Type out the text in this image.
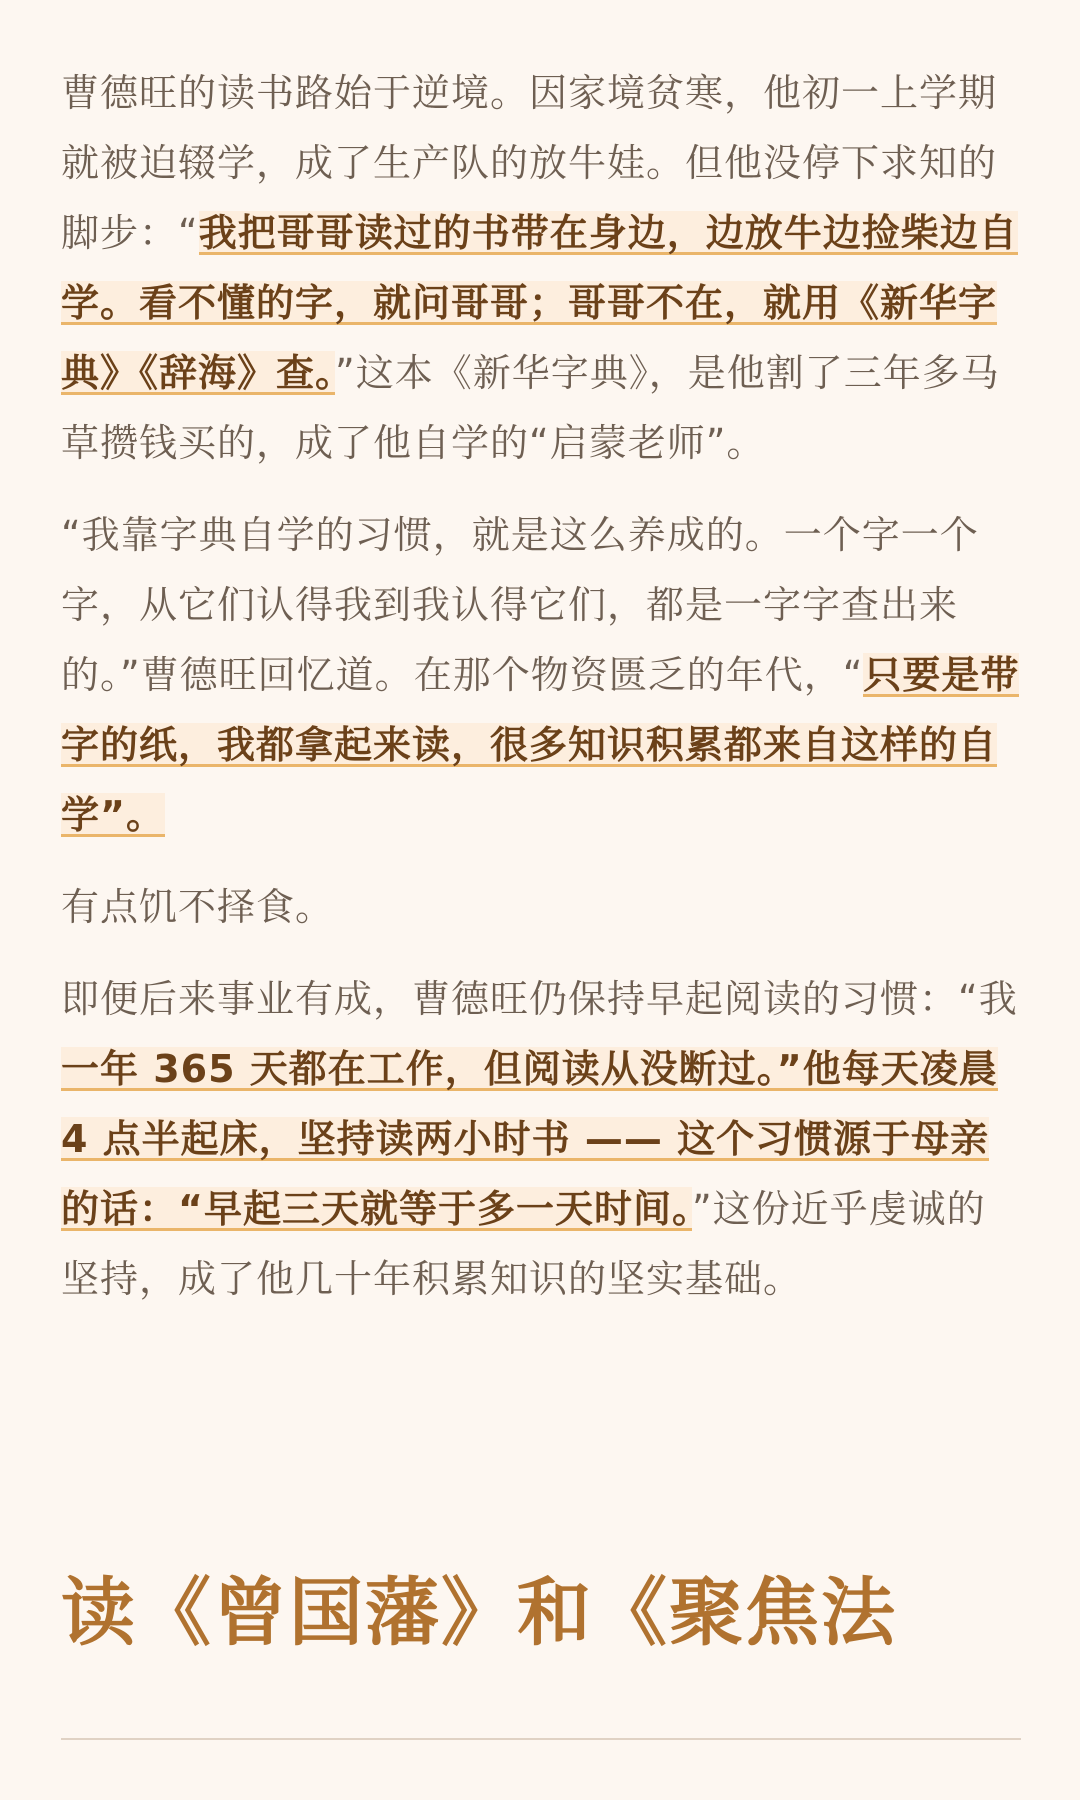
曹德旺的读书路始于逆境。因家境贫寒，他初一上学期就被迫辍学，成了生产队的放牛娃。但他没停下求知的脚步：“我把哥哥读过的书带在身边，边放牛边捡柴边自学。看不懂的字，就问哥哥；哥哥不在，就用《新华字典》《辞海》查。”这本《新华字典》，是他割了三年多马草攒钱买的，成了他自学的“启蒙老师”。

“我靠字典自学的习惯，就是这么养成的。一个字一个字，从它们认得我到我认得它们，都是一字字查出来的。”曹德旺回忆道。在那个物资匮乏的年代，“只要是带字的纸，我都拿起来读，很多知识积累都来自这样的自学”。

有点饥不择食。

即便后来事业有成，曹德旺仍保持早起阅读的习惯：“我一年 365 天都在工作，但阅读从没断过。”他每天凌晨 4 点半起床，坚持读两小时书 —— 这个习惯源于母亲的话：“早起三天就等于多一天时间。”这份近乎虔诚的坚持，成了他几十年积累知识的坚实基础。

读《曾国藩》和《聚焦法
